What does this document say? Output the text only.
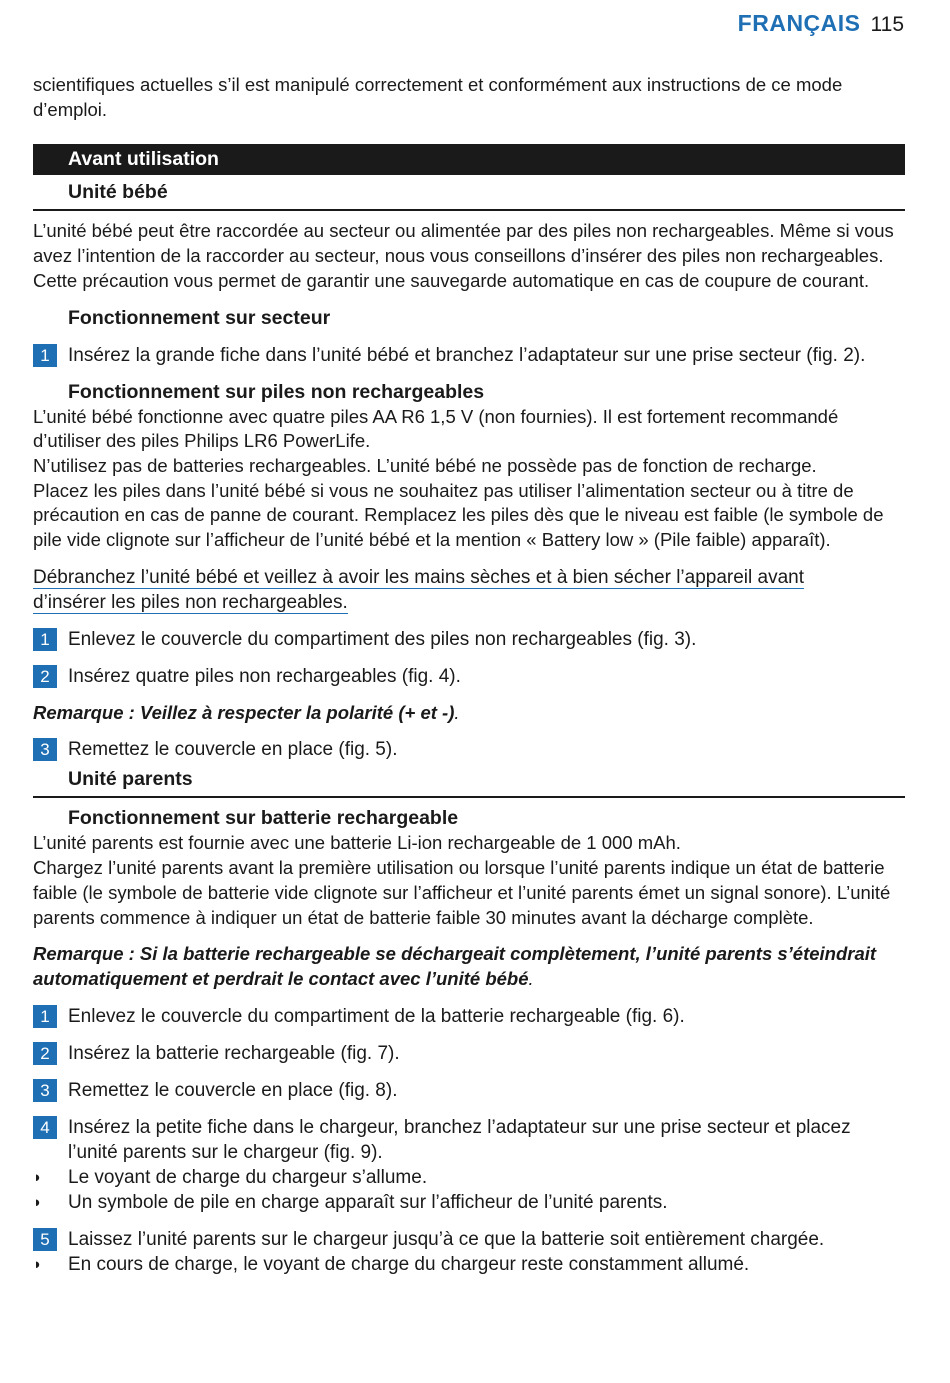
FRANÇAIS 115

scientifiques actuelles s’il est manipulé correctement et conformément aux instructions de ce mode d’emploi.

Avant utilisation
Unité bébé

L’unité bébé peut être raccordée au secteur ou alimentée par des piles non rechargeables. Même si vous avez l’intention de la raccorder au secteur, nous vous conseillons d’insérer des piles non rechargeables. Cette précaution vous permet de garantir une sauvegarde automatique en cas de coupure de courant.

Fonctionnement sur secteur

1 Insérez la grande fiche dans l’unité bébé et branchez l’adaptateur sur une prise secteur (fig. 2).

Fonctionnement sur piles non rechargeables

L’unité bébé fonctionne avec quatre piles AA R6 1,5 V (non fournies). Il est fortement recommandé d’utiliser des piles Philips LR6 PowerLife.

N’utilisez pas de batteries rechargeables. L’unité bébé ne possède pas de fonction de recharge.

Placez les piles dans l’unité bébé si vous ne souhaitez pas utiliser l’alimentation secteur ou à titre de précaution en cas de panne de courant. Remplacez les piles dès que le niveau est faible (le symbole de pile vide clignote sur l’afficheur de l’unité bébé et la mention « Battery low » (Pile faible) apparaît).

Débranchez l’unité bébé et veillez à avoir les mains sèches et à bien sécher l’appareil avant d’insérer les piles non rechargeables.

1 Enlevez le couvercle du compartiment des piles non rechargeables (fig. 3).
2 Insérez quatre piles non rechargeables (fig. 4).

Remarque : Veillez à respecter la polarité (+ et -).

3 Remettez le couvercle en place (fig. 5).
Unité parents

Fonctionnement sur batterie rechargeable

L’unité parents est fournie avec une batterie Li-ion rechargeable de 1 000 mAh.

Chargez l’unité parents avant la première utilisation ou lorsque l’unité parents indique un état de batterie faible (le symbole de batterie vide clignote sur l’afficheur et l’unité parents émet un signal sonore). L’unité parents commence à indiquer un état de batterie faible 30 minutes avant la décharge complète.

Remarque : Si la batterie rechargeable se déchargeait complètement, l’unité parents s’éteindrait automatiquement et perdrait le contact avec l’unité bébé.

1 Enlevez le couvercle du compartiment de la batterie rechargeable (fig. 6).
2 Insérez la batterie rechargeable (fig. 7).
3 Remettez le couvercle en place (fig. 8).
4 Insérez la petite fiche dans le chargeur, branchez l’adaptateur sur une prise secteur et placez l’unité parents sur le chargeur (fig. 9).
◗	Le voyant de charge du chargeur s’allume.
◗	Un symbole de pile en charge apparaît sur l’afficheur de l’unité parents.
5 Laissez l’unité parents sur le chargeur jusqu’à ce que la batterie soit entièrement chargée.
◗	En cours de charge, le voyant de charge du chargeur reste constamment allumé.
